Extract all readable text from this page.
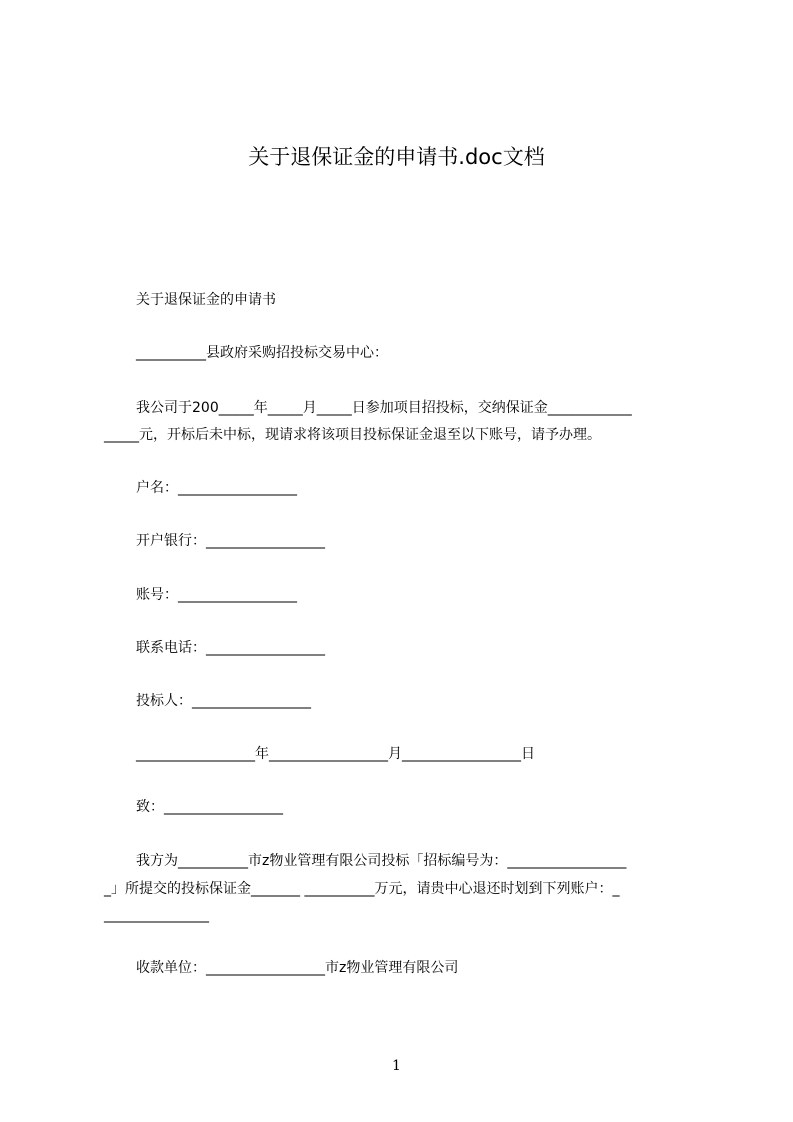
关于退保证金的申请书.doc文档
关于退保证金的申请书
__________县政府采购招投标交易中心：
我公司于200_____年_____月_____日参加项目招投标，交纳保证金____________
_____元，开标后未中标，现请求将该项目投标保证金退至以下账号，请予办理。
户名：_________________
开户银行：_________________
账号：_________________
联系电话：_________________
投标人：_________________
_________________年_________________月_________________日
致：_________________
我方为__________市z物业管理有限公司投标「招标编号为：_________________
_」所提交的投标保证金_______ __________万元，请贵中心退还时划到下列账户：_
_______________
收款单位：_________________市z物业管理有限公司
1
